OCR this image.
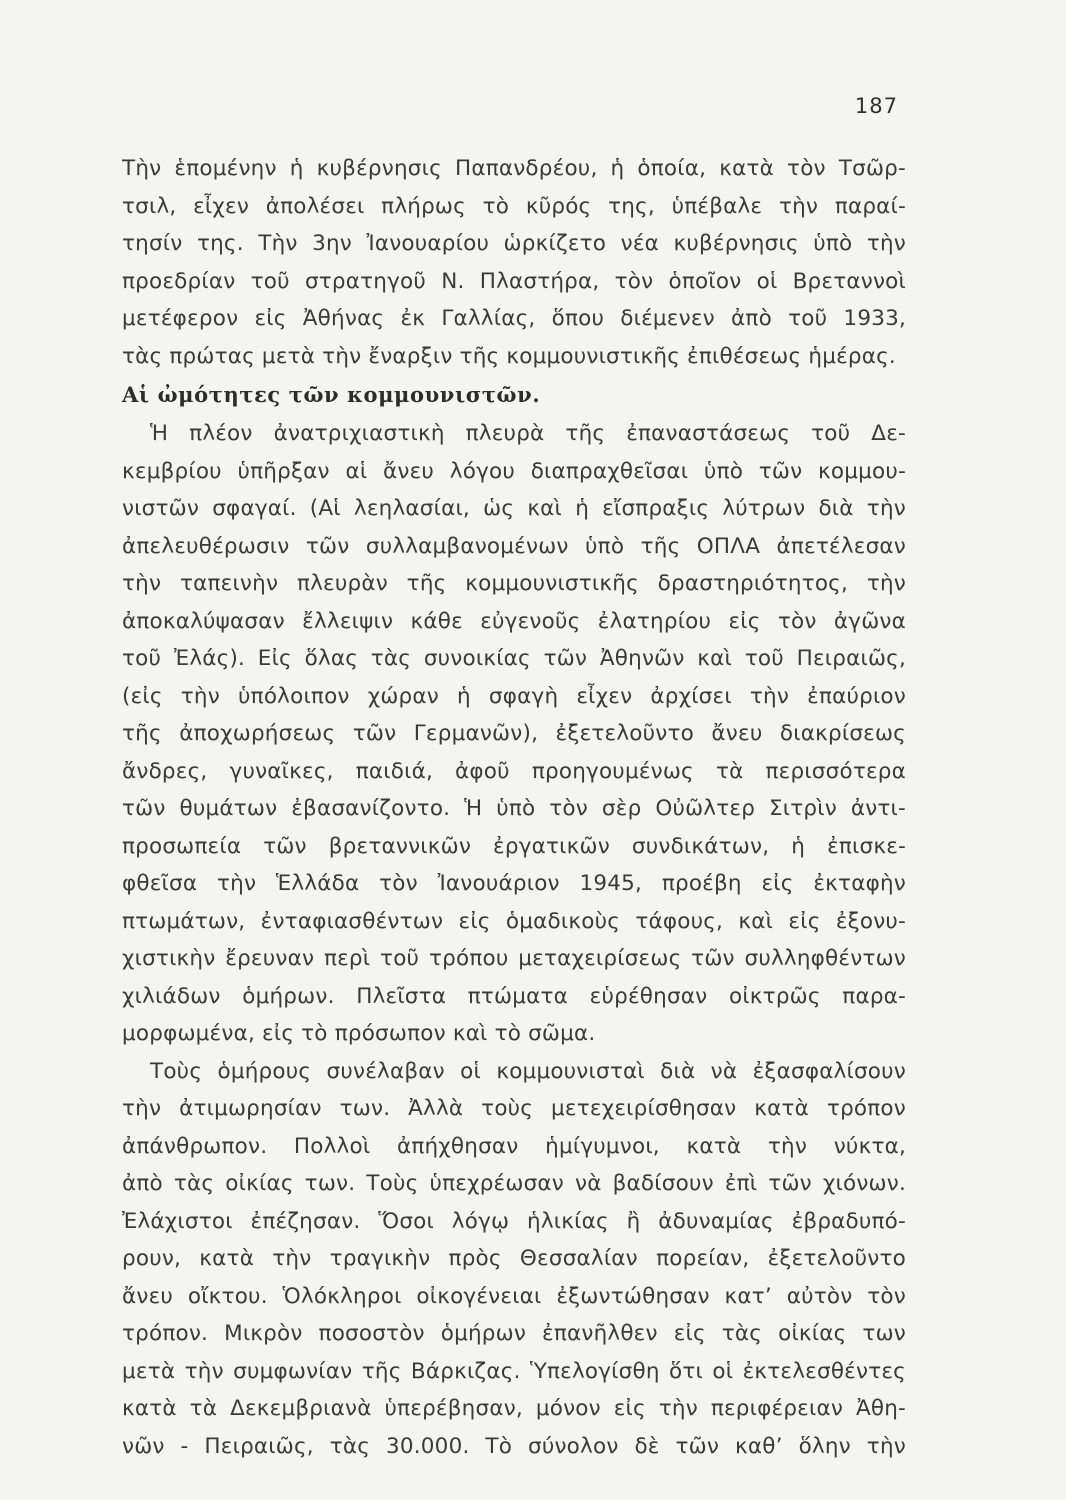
187
Τὴν ἑπομένην ἡ κυβέρνησις Παπανδρέου, ἡ ὁποία, κατὰ τὸν Τσῶρ-
τσιλ, εἶχεν ἀπολέσει πλήρως τὸ κῦρός της, ὑπέβαλε τὴν παραί-
τησίν της. Τὴν 3ην Ἰανουαρίου ὡρκίζετο νέα κυβέρνησις ὑπὸ τὴν
προεδρίαν τοῦ στρατηγοῦ Ν. Πλαστήρα, τὸν ὁποῖον οἱ Βρεταννοὶ
μετέφερον εἰς Ἀθήνας ἐκ Γαλλίας, ὅπου διέμενεν ἀπὸ τοῦ 1933,
τὰς πρώτας μετὰ τὴν ἔναρξιν τῆς κομμουνιστικῆς ἐπιθέσεως ἡμέρας.
Αἱ ὠμότητες τῶν κομμουνιστῶν.
Ἡ πλέον ἀνατριχιαστικὴ πλευρὰ τῆς ἐπαναστάσεως τοῦ Δε-
κεμβρίου ὑπῆρξαν αἱ ἄνευ λόγου διαπραχθεῖσαι ὑπὸ τῶν κομμου-
νιστῶν σφαγαί. (Αἱ λεηλασίαι, ὡς καὶ ἡ εἴσπραξις λύτρων διὰ τὴν
ἀπελευθέρωσιν τῶν συλλαμβανομένων ὑπὸ τῆς ΟΠΛΑ ἀπετέλεσαν
τὴν ταπεινὴν πλευρὰν τῆς κομμουνιστικῆς δραστηριότητος, τὴν
ἀποκαλύψασαν ἔλλειψιν κάθε εὐγενοῦς ἐλατηρίου εἰς τὸν ἀγῶνα
τοῦ Ἐλάς). Εἰς ὅλας τὰς συνοικίας τῶν Ἀθηνῶν καὶ τοῦ Πειραιῶς,
(εἰς τὴν ὑπόλοιπον χώραν ἡ σφαγὴ εἶχεν ἀρχίσει τὴν ἐπαύριον
τῆς ἀποχωρήσεως τῶν Γερμανῶν), ἐξετελοῦντο ἄνευ διακρίσεως
ἄνδρες, γυναῖκες, παιδιά, ἀφοῦ προηγουμένως τὰ περισσότερα
τῶν θυμάτων ἐβασανίζοντο. Ἡ ὑπὸ τὸν σὲρ Οὐῶλτερ Σιτρὶν ἀντι-
προσωπεία τῶν βρεταννικῶν ἐργατικῶν συνδικάτων, ἡ ἐπισκε-
φθεῖσα τὴν Ἑλλάδα τὸν Ἰανουάριον 1945, προέβη εἰς ἐκταφὴν
πτωμάτων, ἐνταφιασθέντων εἰς ὁμαδικοὺς τάφους, καὶ εἰς ἐξονυ-
χιστικὴν ἔρευναν περὶ τοῦ τρόπου μεταχειρίσεως τῶν συλληφθέντων
χιλιάδων ὁμήρων. Πλεῖστα πτώματα εὑρέθησαν οἰκτρῶς παρα-
μορφωμένα, εἰς τὸ πρόσωπον καὶ τὸ σῶμα.
Τοὺς ὁμήρους συνέλαβαν οἱ κομμουνισταὶ διὰ νὰ ἐξασφαλίσουν
τὴν ἀτιμωρησίαν των. Ἀλλὰ τοὺς μετεχειρίσθησαν κατὰ τρόπον
ἀπάνθρωπον. Πολλοὶ ἀπήχθησαν ἡμίγυμνοι, κατὰ τὴν νύκτα,
ἀπὸ τὰς οἰκίας των. Τοὺς ὑπεχρέωσαν νὰ βαδίσουν ἐπὶ τῶν χιόνων.
Ἐλάχιστοι ἐπέζησαν. Ὅσοι λόγῳ ἡλικίας ἢ ἀδυναμίας ἐβραδυπό-
ρουν, κατὰ τὴν τραγικὴν πρὸς Θεσσαλίαν πορείαν, ἐξετελοῦντο
ἄνευ οἴκτου. Ὁλόκληροι οἰκογένειαι ἐξωντώθησαν κατ’ αὐτὸν τὸν
τρόπον. Μικρὸν ποσοστὸν ὁμήρων ἐπανῆλθεν εἰς τὰς οἰκίας των
μετὰ τὴν συμφωνίαν τῆς Βάρκιζας. Ὑπελογίσθη ὅτι οἱ ἐκτελεσθέντες
κατὰ τὰ Δεκεμβριανὰ ὑπερέβησαν, μόνον εἰς τὴν περιφέρειαν Ἀθη-
νῶν - Πειραιῶς, τὰς 30.000. Τὸ σύνολον δὲ τῶν καθ’ ὅλην τὴν
